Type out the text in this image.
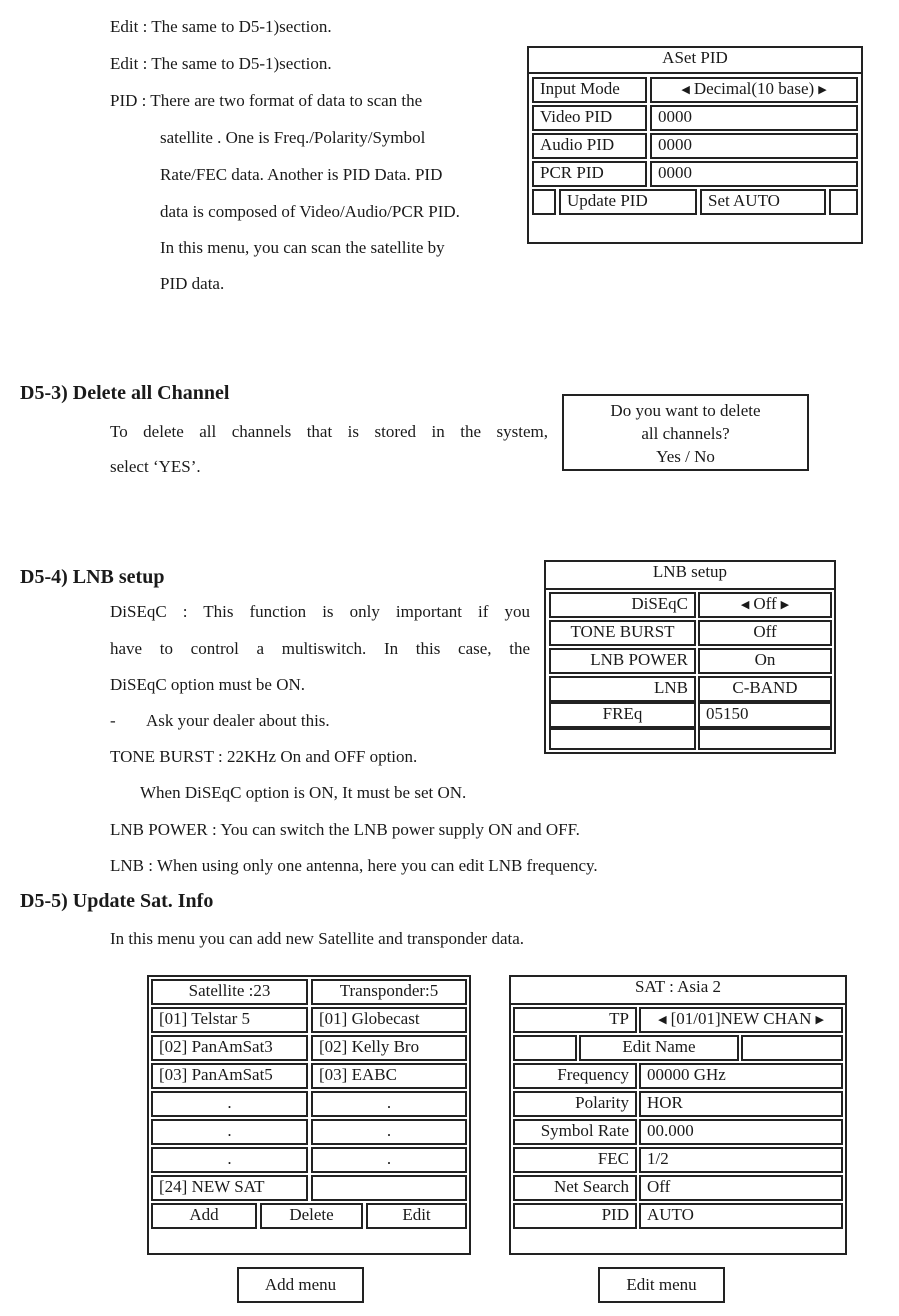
Edit : The same to D5-1)section.
Edit : The same to D5-1)section.
PID : There are two format of data to scan the
satellite . One is Freq./Polarity/Symbol
Rate/FEC data. Another is PID Data. PID
data is composed of Video/Audio/PCR PID.
In this menu, you can scan the satellite by
PID data.
ASet PID
Input Mode	◀ Decimal(10 base) ▶
Video PID	0000
Audio PID	0000
PCR PID	0000
Update PID	Set AUTO
D5-3) Delete all Channel
To delete all channels that is stored in the system,
select ‘YES’.
Do you want to delete
all channels?
Yes / No
D5-4) LNB setup
DiSEqC : This function is only important if you
have to control a multiswitch. In this case, the
DiSEqC option must be ON.
- Ask your dealer about this.
TONE BURST : 22KHz On and OFF option.
When DiSEqC option is ON, It must be set ON.
LNB POWER : You can switch the LNB power supply ON and OFF.
LNB : When using only one antenna, here you can edit LNB frequency.
LNB setup
DiSEqC	◀ Off ▶
TONE BURST	Off
LNB POWER	On
LNB	C-BAND
FREq	05150
D5-5) Update Sat. Info
In this menu you can add new Satellite and transponder data.
Satellite :23	Transponder:5
[01] Telstar 5	[01] Globecast
[02] PanAmSat3	[02] Kelly Bro
[03] PanAmSat5	[03] EABC
.	.
.	.
.	.
[24] NEW SAT
Add	Delete	Edit
Add menu
SAT : Asia 2
TP	◀ [01/01]NEW CHAN ▶
Edit Name
Frequency	00000 GHz
Polarity	HOR
Symbol Rate	00.000
FEC	1/2
Net Search	Off
PID	AUTO
Edit menu
